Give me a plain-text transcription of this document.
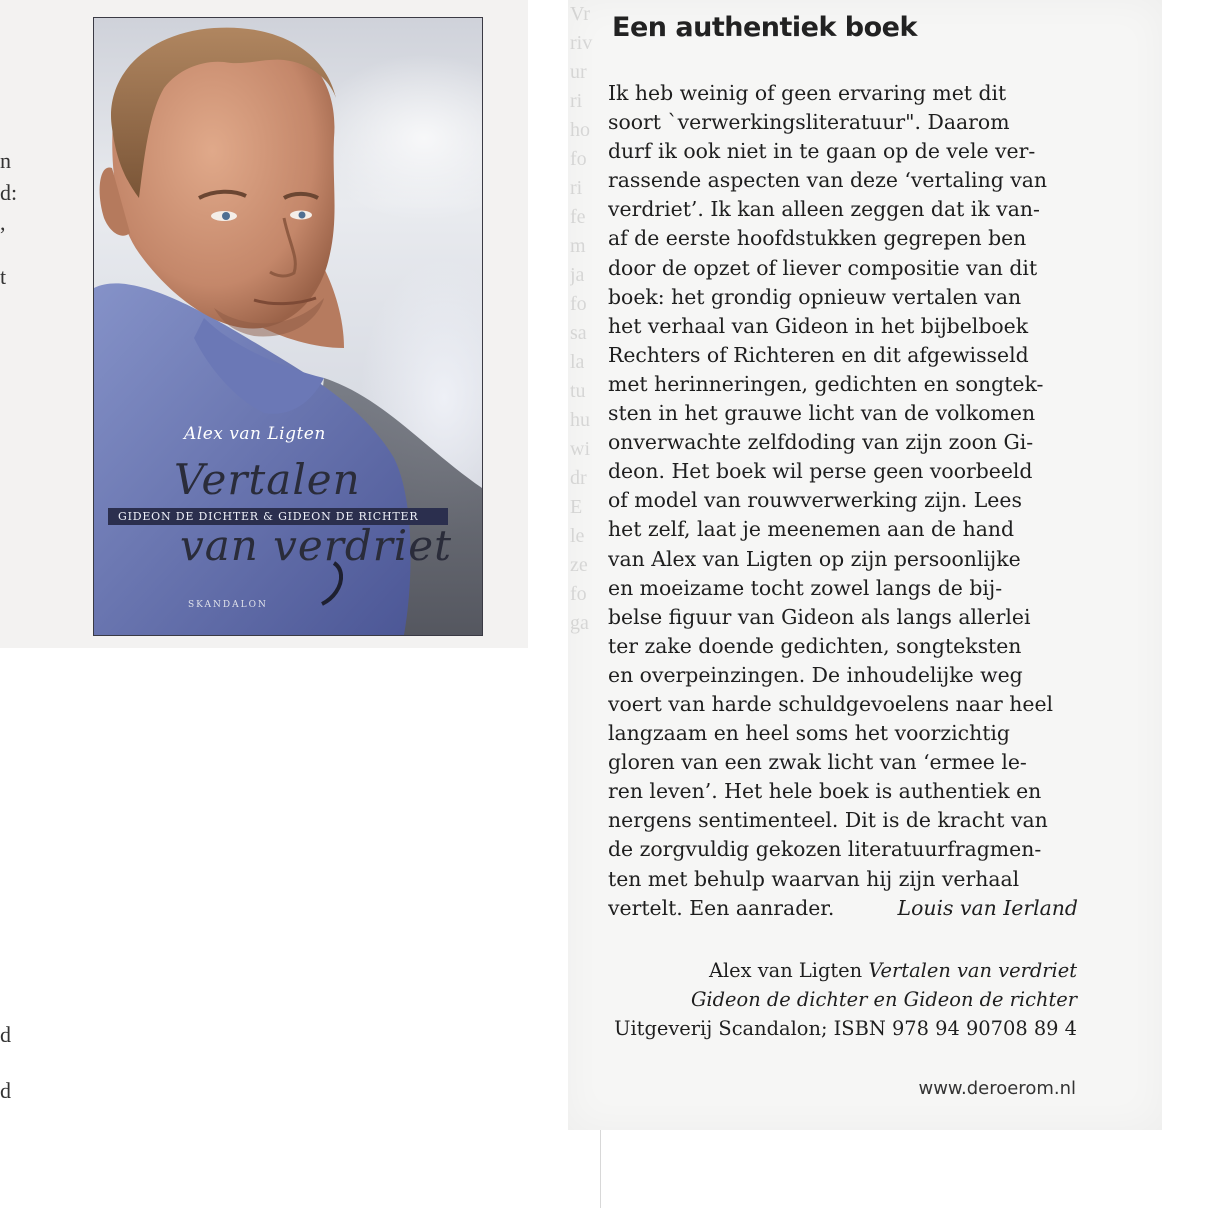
n
d:
,
t
d
d
Alex van Ligten
Vertalen
GIDEON DE DICHTER & GIDEON DE RICHTER
van verdriet
SKANDALON
Vr
riv
ur
ri
ho
fo
ri
fe
m
ja
fo
sa
la
tu
hu
wi
dr
E
le
ze
fo
ga
Een authentiek boek
Ik heb weinig of geen ervaring met dit
soort `verwerkingsliteratuur". Daarom
durf ik ook niet in te gaan op de vele ver-
rassende aspecten van deze ‘vertaling van
verdriet’. Ik kan alleen zeggen dat ik van-
af de eerste hoofdstukken gegrepen ben
door de opzet of liever compositie van dit
boek: het grondig opnieuw vertalen van
het verhaal van Gideon in het bijbelboek
Rechters of Richteren en dit afgewisseld
met herinneringen, gedichten en songtek-
sten in het grauwe licht van de volkomen
onverwachte zelfdoding van zijn zoon Gi-
deon. Het boek wil perse geen voorbeeld
of model van rouwverwerking zijn. Lees
het zelf, laat je meenemen aan de hand
van Alex van Ligten op zijn persoonlijke
en moeizame tocht zowel langs de bij-
belse figuur van Gideon als langs allerlei
ter zake doende gedichten, songteksten
en overpeinzingen. De inhoudelijke weg
voert van harde schuldgevoelens naar heel
langzaam en heel soms het voorzichtig
gloren van een zwak licht van ‘ermee le-
ren leven’. Het hele boek is authentiek en
nergens sentimenteel. Dit is de kracht van
de zorgvuldig gekozen literatuurfragmen-
ten met behulp waarvan hij zijn verhaal
vertelt. Een aanrader.	Louis van Ierland
Alex van Ligten Vertalen van verdriet
Gideon de dichter en Gideon de richter
Uitgeverij Scandalon; ISBN 978 94 90708 89 4
www.deroerom.nl
